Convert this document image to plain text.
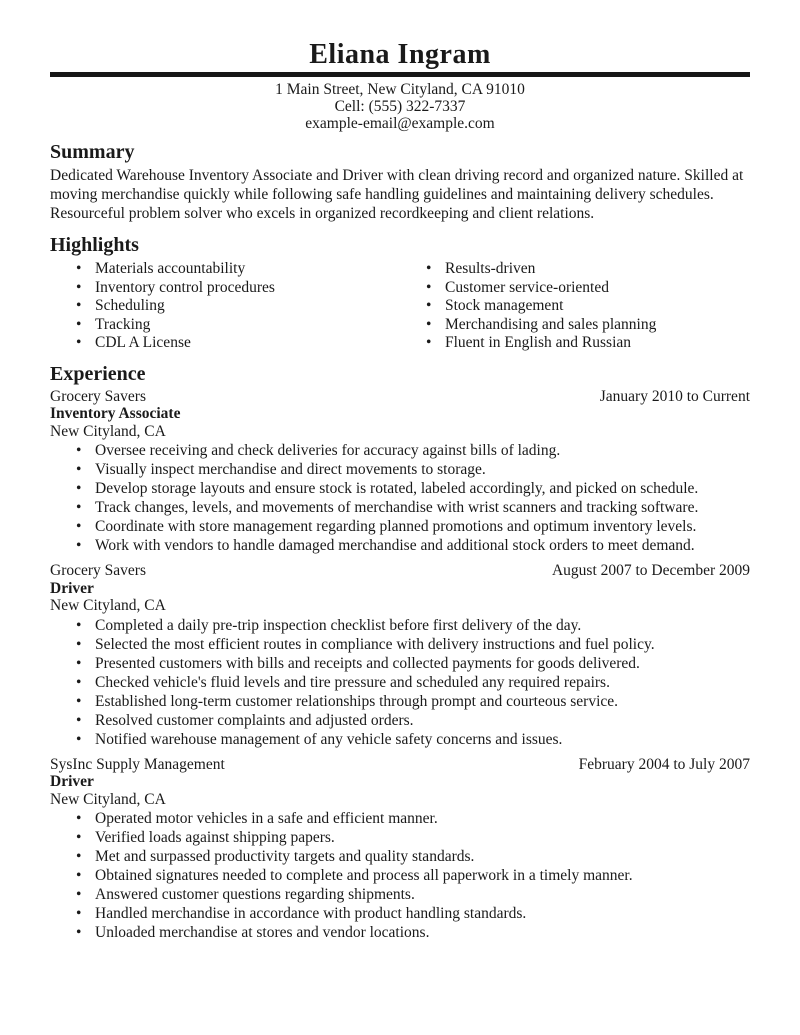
Eliana Ingram
1 Main Street, New Cityland, CA 91010
Cell: (555) 322-7337
example-email@example.com
Summary

Dedicated Warehouse Inventory Associate and Driver with clean driving record and organized nature. Skilled at moving merchandise quickly while following safe handling guidelines and maintaining delivery schedules. Resourceful problem solver who excels in organized recordkeeping and client relations.

Highlights
• Materials accountability
• Inventory control procedures
• Scheduling
• Tracking
• CDL A License
• Results-driven
• Customer service-oriented
• Stock management
• Merchandising and sales planning
• Fluent in English and Russian
Experience
Grocery Savers	January 2010 to Current
Inventory Associate
New Cityland, CA
• Oversee receiving and check deliveries for accuracy against bills of lading.
• Visually inspect merchandise and direct movements to storage.
• Develop storage layouts and ensure stock is rotated, labeled accordingly, and picked on schedule.
• Track changes, levels, and movements of merchandise with wrist scanners and tracking software.
• Coordinate with store management regarding planned promotions and optimum inventory levels.
• Work with vendors to handle damaged merchandise and additional stock orders to meet demand.
Grocery Savers	August 2007 to December 2009
Driver
New Cityland, CA
• Completed a daily pre-trip inspection checklist before first delivery of the day.
• Selected the most efficient routes in compliance with delivery instructions and fuel policy.
• Presented customers with bills and receipts and collected payments for goods delivered.
• Checked vehicle's fluid levels and tire pressure and scheduled any required repairs.
• Established long-term customer relationships through prompt and courteous service.
• Resolved customer complaints and adjusted orders.
• Notified warehouse management of any vehicle safety concerns and issues.
SysInc Supply Management	February 2004 to July 2007
Driver
New Cityland, CA
• Operated motor vehicles in a safe and efficient manner.
• Verified loads against shipping papers.
• Met and surpassed productivity targets and quality standards.
• Obtained signatures needed to complete and process all paperwork in a timely manner.
• Answered customer questions regarding shipments.
• Handled merchandise in accordance with product handling standards.
• Unloaded merchandise at stores and vendor locations.
